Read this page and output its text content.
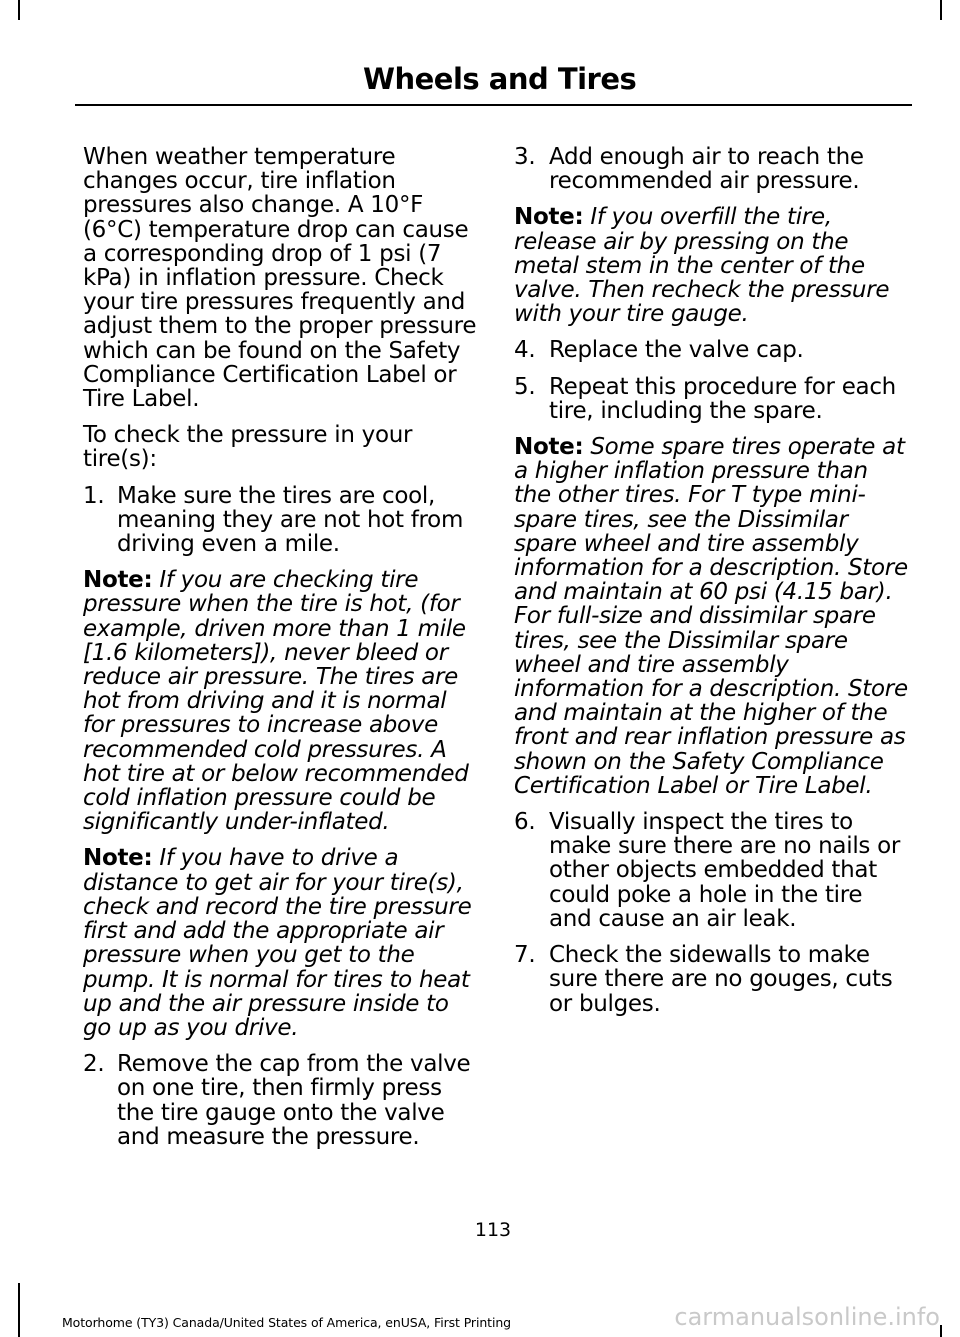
Wheels and Tires

When weather temperature changes occur, tire inflation pressures also change. A 10°F (6°C) temperature drop can cause a corresponding drop of 1 psi (7 kPa) in inflation pressure. Check your tire pressures frequently and adjust them to the proper pressure which can be found on the Safety Compliance Certification Label or Tire Label.

To check the pressure in your tire(s):

1. Make sure the tires are cool, meaning they are not hot from driving even a mile.

Note: If you are checking tire pressure when the tire is hot, (for example, driven more than 1 mile [1.6 kilometers]), never bleed or reduce air pressure. The tires are hot from driving and it is normal for pressures to increase above recommended cold pressures. A hot tire at or below recommended cold inflation pressure could be significantly under-inflated.

Note: If you have to drive a distance to get air for your tire(s), check and record the tire pressure first and add the appropriate air pressure when you get to the pump. It is normal for tires to heat up and the air pressure inside to go up as you drive.

2. Remove the cap from the valve on one tire, then firmly press the tire gauge onto the valve and measure the pressure.
3. Add enough air to reach the recommended air pressure.

Note: If you overfill the tire, release air by pressing on the metal stem in the center of the valve. Then recheck the pressure with your tire gauge.

4. Replace the valve cap.
5. Repeat this procedure for each tire, including the spare.

Note: Some spare tires operate at a higher inflation pressure than the other tires. For T type mini-spare tires, see the Dissimilar spare wheel and tire assembly information for a description. Store and maintain at 60 psi (4.15 bar). For full-size and dissimilar spare tires, see the Dissimilar spare wheel and tire assembly information for a description. Store and maintain at the higher of the front and rear inflation pressure as shown on the Safety Compliance Certification Label or Tire Label.

6. Visually inspect the tires to make sure there are no nails or other objects embedded that could poke a hole in the tire and cause an air leak.
7. Check the sidewalls to make sure there are no gouges, cuts or bulges.
113
Motorhome (TY3) Canada/United States of America, enUSA, First Printing	carmanualsonline.info
